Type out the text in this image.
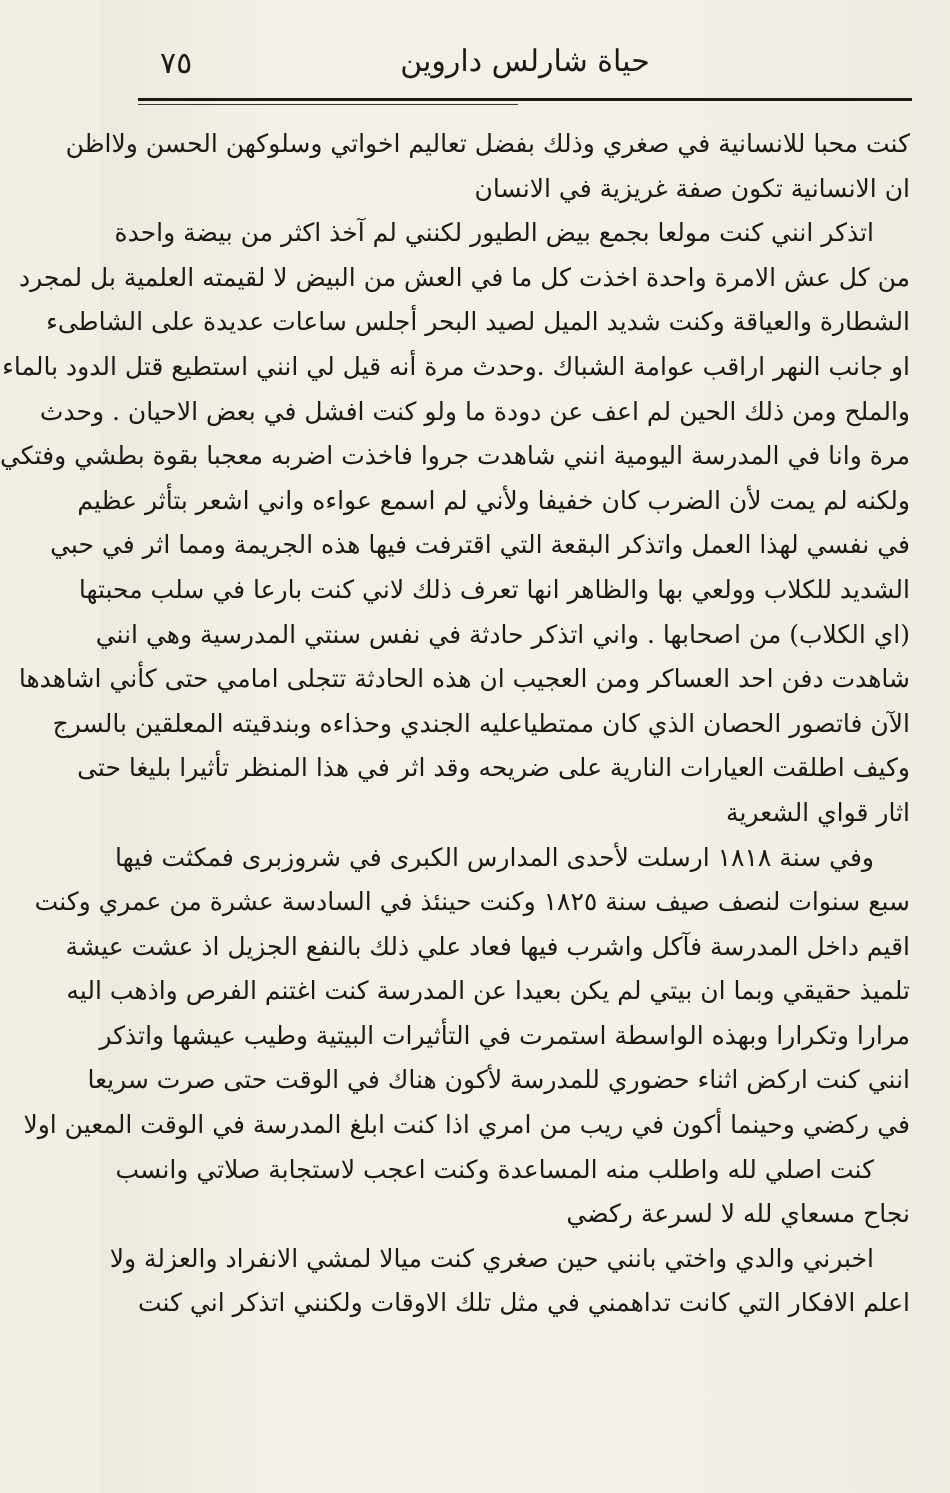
٧٥	حياة شارلس داروين
كنت محبا للانسانية في صغري وذلك بفضل تعاليم اخواتي وسلوكهن الحسن ولااظن
ان الانسانية تكون صفة غريزية في الانسان
اتذكر انني كنت مولعا بجمع بيض الطيور لكنني لم آخذ اكثر من بيضة واحدة
من كل عش الامرة واحدة اخذت كل ما في العش من البيض لا لقيمته العلمية بل لمجرد
الشطارة والعياقة وكنت شديد الميل لصيد البحر أجلس ساعات عديدة على الشاطىء
او جانب النهر اراقب عوامة الشباك .وحدث مرة أنه قيل لي انني استطيع قتل الدود بالماء
والملح ومن ذلك الحين لم اعف عن دودة ما ولو كنت افشل في بعض الاحيان . وحدث
مرة وانا في المدرسة اليومية انني شاهدت جروا فاخذت اضربه معجبا بقوة بطشي وفتكي
ولكنه لم يمت لأن الضرب كان خفيفا ولأني لم اسمع عواءه واني اشعر بتأثر عظيم
في نفسي لهذا العمل واتذكر البقعة التي اقترفت فيها هذه الجريمة ومما اثر في حبي
الشديد للكلاب وولعي بها والظاهر انها تعرف ذلك لاني كنت بارعا في سلب محبتها
(اي الكلاب) من اصحابها . واني اتذكر حادثة في نفس سنتي المدرسية وهي انني
شاهدت دفن احد العساكر ومن العجيب ان هذه الحادثة تتجلى امامي حتى كأني اشاهدها
الآن فاتصور الحصان الذي كان ممتطياعليه الجندي وحذاءه وبندقيته المعلقين بالسرج
وكيف اطلقت العيارات النارية على ضريحه وقد اثر في هذا المنظر تأثيرا بليغا حتى
اثار قواي الشعرية
وفي سنة ١٨١٨ ارسلت لأحدى المدارس الكبرى في شروزبرى فمكثت فيها
سبع سنوات لنصف صيف سنة ١٨٢٥ وكنت حينئذ في السادسة عشرة من عمري وكنت
اقيم داخل المدرسة فآكل واشرب فيها فعاد علي ذلك بالنفع الجزيل اذ عشت عيشة
تلميذ حقيقي وبما ان بيتي لم يكن بعيدا عن المدرسة كنت اغتنم الفرص واذهب اليه
مرارا وتكرارا وبهذه الواسطة استمرت في التأثيرات البيتية وطيب عيشها واتذكر
انني كنت اركض اثناء حضوري للمدرسة لأكون هناك في الوقت حتى صرت سريعا
في ركضي وحينما أكون في ريب من امري اذا كنت ابلغ المدرسة في الوقت المعين اولا
كنت اصلي لله واطلب منه المساعدة وكنت اعجب لاستجابة صلاتي وانسب
نجاح مسعاي لله لا لسرعة ركضي
اخبرني والدي واختي بانني حين صغري كنت ميالا لمشي الانفراد والعزلة ولا
اعلم الافكار التي كانت تداهمني في مثل تلك الاوقات ولكنني اتذكر اني كنت
